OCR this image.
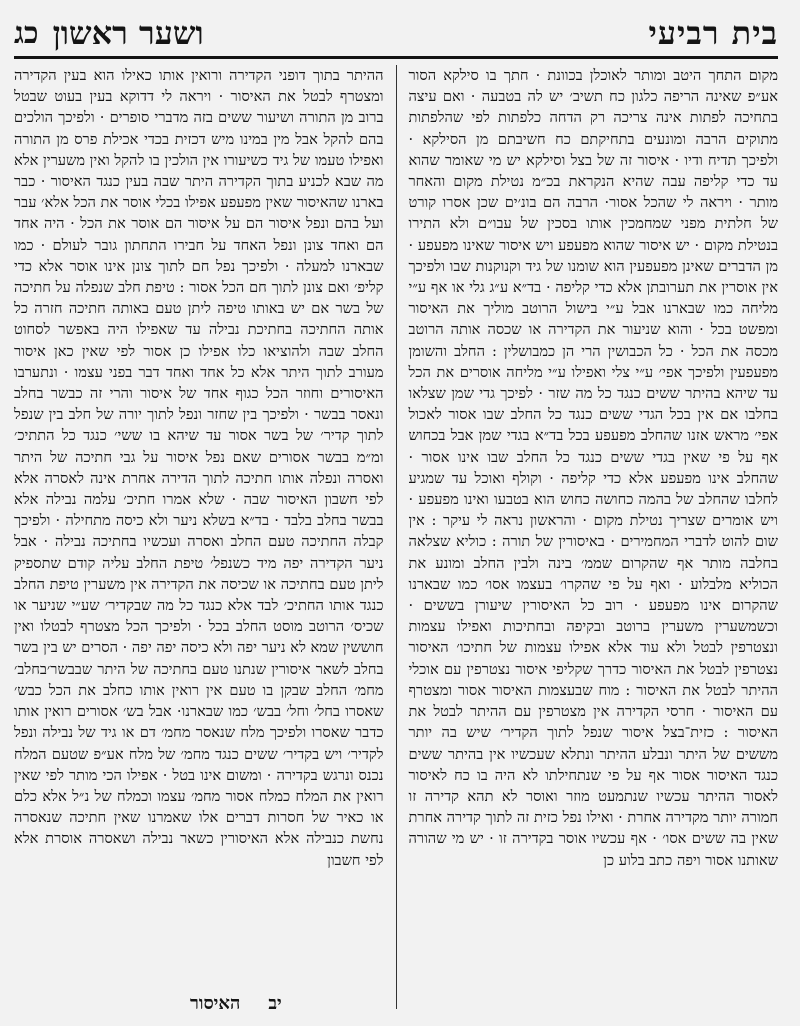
בית רביעי
ושער ראשון
כג

מקום התחך היטב ומותר לאוכלן בכוונת · חתך בו סילקא הסור אע״פ שאינה הריפה כלגון כח תשיב׳ יש לה בטבעה · ואם עיצה בתחיכה לפתות אינה צריכה רק הדחה כלפתות לפי שהלפתות מתוקים הרבה ומונעים בתחיקתם כח חשיבתם מן הסילקא · ולפיכך תדיח ודיו · איסור זה של בצל וסילקא יש מי שאומר שהוא עד כדי קליפה עבה שהיא הנקראת בכ״מ נטילת מקום והאחר מותר · ויראה לי שהכל אסור· הרבה הם בונ׳ים שכן אסרו קורט של חלתית מפני שמחמכין אותו בסכין של עבו״ם ולא התירו בנטילת מקום · יש איסור שהוא מפעפע ויש איסור שאינו מפעפע · מן הדברים שאינן מפעפעין הוא שומנו של גיד וקנוקנות שבו ולפיכך אין אוסרין את תערובתן אלא כדי קליפה · בד״א ע״ג גלי או אף ע״י מליחה כמו שבארנו אבל ע״י בישול הרוטב מוליך את האיסור ומפשט בכל · והוא שניעור את הקדירה או שכסה אותה הרוטב מכסה את הכל · כל הכבושין הרי הן כמבושלין : החלב והשומן מפעפעין ולפיכך אפי׳ ע״י צלי ואפילו ע״י מליחה אוסרים את הכל עד שיהא בהיתר ששים כנגד כל מה שזר · לפיכך גדי שמן שצלאו בחלבו אם אין בכל הגדי ששים כנגד כל החלב שבו אסור לאכול אפי׳ מראש אזנו שהחלב מפעפע בכל בד״א בגדי שמן אבל בכחוש אף על פי שאין בגדי ששים כנגד כל החלב שבו אינו אסור · שהחלב אינו מפעפע אלא כדי קליפה · וקולף ואוכל עד שמגיע לחלבו שהחלב של בהמה כחושה כחוש הוא בטבעו ואינו מפעפע · ויש אומרים שצריך נטילת מקום · והראשון נראה לי עיקר : אין שום להוט לדברי המחמירים · באיסורין של תורה : כוליא שצלאה בחלבה מותר אף שהקרום שממ׳ בינה ולבין החלב ומונע את הכוליא מלבלוע · ואף על פי שהקרו׳ בעצמו אסו׳ כמו שבארנו שהקרום אינו מפעפע · רוב כל האיסורין שיעורן בששים · וכשמשערין משערין ברוטב ובקיפה ובחתיכות ואפילו עצמות ונצטרפין לבטל ולא עוד אלא אפילו עצמות של חתיכו׳ האיסור נצטרפין לבטל את האיסור כדרך שקליפי איסור נצטרפין עם אוכלי ההיתר לבטל את האיסור : מוח שבעצמות האיסור אסור ומצטרף עם האיסור · חרסי הקדירה אין מצטרפין עם ההיתר לבטל את האיסור : כזית־בצל איסור שנפל לתוך הקדיר׳ שיש בה יותר מששים של היתר ונבלע ההיתר ונתלא שעכשיו אין בהיתר ששים כנגד האיסור אסור אף על פי שנתחילתו לא היה בו כח לאיסור לאסור ההיתר עכשיו שנתמעט מוזר ואוסר לא תהא קדירה זו חמורה יותר מקדירה אחרת · ואילו נפל כזית זה לתוך קדירה אחרת שאין בה ששים אסו׳ · אף עכשיו אוסר בקדירה זו · יש מי שהורה שאותנו אסור ויפה כתב בלוע כן

ההיתר בתוך דופני הקדירה ורואין אותו כאילו הוא בעין הקדירה ומצטרף לבטל את האיסור · ויראה לי דדוקא בעין בעוט שבטל ברוב מן התורה ושיעור ששים בזה מדברי סופרים · ולפיכך הולכים בהם להקל אבל מין במינו מיש דכזית בכדי אכילת פרס מן התורה ואפילו טעמו של גיד כשיעורו אין הולכין בו להקל ואין משערין אלא מה שבא לכניע בתוך הקדירה היתר שבה בעין כנגד האיסור · כבר בארנו שהאיסור שאין מפעפע אפילו בכלי אוסר את הכל אלא׳ עבר ועל בהם ונפל איסור הם על איסור הם אוסר את הכל · היה אחד הם ואחד צונן ונפל האחד על חבירו התחתון גובר לעולם · כמו שבארנו למעלה · ולפיכך נפל חם לתוך צונן אינו אוסר אלא כדי קליפ׳ ואם צונן לתוך חם הכל אסור : טיפת חלב שנפלה על חתיכה של בשר אם יש באותו טיפה ליתן טעם באותה חתיכה חזרה כל אותה החתיכה בחתיכת נבילה עד שאפילו היה באפשר לסחוט החלב שבה ולהוציאו כלו אפילו כן אסור לפי שאין כאן איסור מעורב לתוך היתר אלא כל אחד ואחד דבר בפני עצמו · ונתערבו האיסורים וחוזר הכל כגוף אחד של איסור והרי זה כבשר בחלב ונאסר בבשר · ולפיכך בין שחזר ונפל לתוך יורה של חלב בין שנפל לתוך קדיר׳ של בשר אסור עד שיהא בו ששי׳ כנגד כל התתיכ׳ ומ״מ בבשר אסורים שאם נפל איסור על גבי חתיכה של היתר ואסרה ונפלה אותו חתיכה לתוך הדירה אחרת אינה לאסרה אלא לפי חשבון האיסור שבה · שלא אמרו חתיכ׳ עלמה נבילה אלא בבשר בחלב בלבד · בד״א בשלא ניער ולא כיסה מתחילה · ולפיכך קבלה החתיכה טעם החלב ואסרה ועכשיו בחתיכה נבילה · אבל ניער הקדירה יפה מיד כשנפל׳ טיפת החלב עליה קודם שתספיק ליתן טעם בחתיכה או שכיסה את הקדירה אין משערין טיפת החלב כנגד אותו החתיכ׳ לבד אלא כנגד כל מה שבקדיר׳ שע״י שניער או שכיס׳ הרוטב מוסט החלב בכל · ולפיכך הכל מצטרף לבטלו ואין חוששין שמא לא ניער יפה ולא כיסה יפה יפה · הסרים יש בין בשר בחלב לשאר איסורין שנתנו טעם בחתיכה של היתר שבבשר׳בחלב׳ מחמ׳ החלב שבקן בו טעם אין רואין אותו כחלב את הכל כבש׳ שאסרו בחל׳ וחל׳ בבש׳ כמו שבארנו· אבל בש׳ אסורים רואין אותו כדבר שאסרו ולפיכך מלח שנאסר מחמ׳ דם או גיד של נבילה ונפל לקדיר׳ ויש בקדיר׳ ששים כנגד מחמ׳ של מלח אע״פ שטעם המלח נכנס ונרגש בקדירה · ומשום אינו בטל · אפילו הכי מותר לפי שאין רואין את המלח כמלח אסור מחמ׳ עצמו וכמלח של נ״ל אלא כלם או כאיר של חסרות דברים אלו שאמרנו שאין חתיכה שנאסרה נחשת כנבילה אלא האיסורין כשאר נבילה ושאסרה אוסרת אלא לפי חשבון

יב
האיסור
